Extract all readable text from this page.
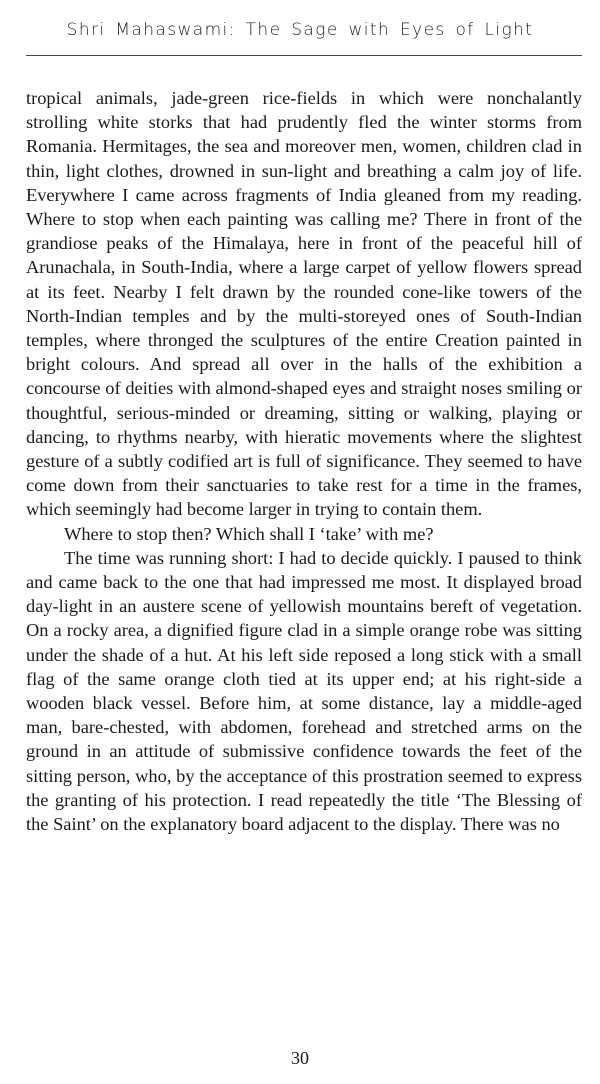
Shri Mahaswami: The Sage with Eyes of Light

tropical animals, jade-green rice-fields in which were nonchalantly strolling white storks that had prudently fled the winter storms from Romania. Hermitages, the sea and moreover men, women, children clad in thin, light clothes, drowned in sun-light and breathing a calm joy of life. Everywhere I came across fragments of India gleaned from my reading. Where to stop when each painting was calling me? There in front of the grandiose peaks of the Himalaya, here in front of the peaceful hill of Arunachala, in South-India, where a large carpet of yellow flowers spread at its feet. Nearby I felt drawn by the rounded cone-like towers of the North-Indian temples and by the multi-storeyed ones of South-Indian temples, where thronged the sculptures of the entire Creation painted in bright colours. And spread all over in the halls of the exhibition a concourse of deities with almond-shaped eyes and straight noses smiling or thoughtful, serious-minded or dreaming, sitting or walking, playing or dancing, to rhythms nearby, with hieratic movements where the slightest gesture of a subtly codified art is full of significance. They seemed to have come down from their sanctuaries to take rest for a time in the frames, which seemingly had become larger in trying to contain them.

Where to stop then? Which shall I ‘take’ with me?

The time was running short: I had to decide quickly. I paused to think and came back to the one that had impressed me most. It displayed broad day-light in an austere scene of yellowish mountains bereft of vegetation. On a rocky area, a dignified figure clad in a simple orange robe was sitting under the shade of a hut. At his left side reposed a long stick with a small flag of the same orange cloth tied at its upper end; at his right-side a wooden black vessel. Before him, at some distance, lay a middle-aged man, bare-chested, with abdomen, forehead and stretched arms on the ground in an attitude of submissive confidence towards the feet of the sitting person, who, by the acceptance of this prostration seemed to express the granting of his protection. I read repeatedly the title ‘The Blessing of the Saint’ on the explanatory board adjacent to the display. There was no

30
